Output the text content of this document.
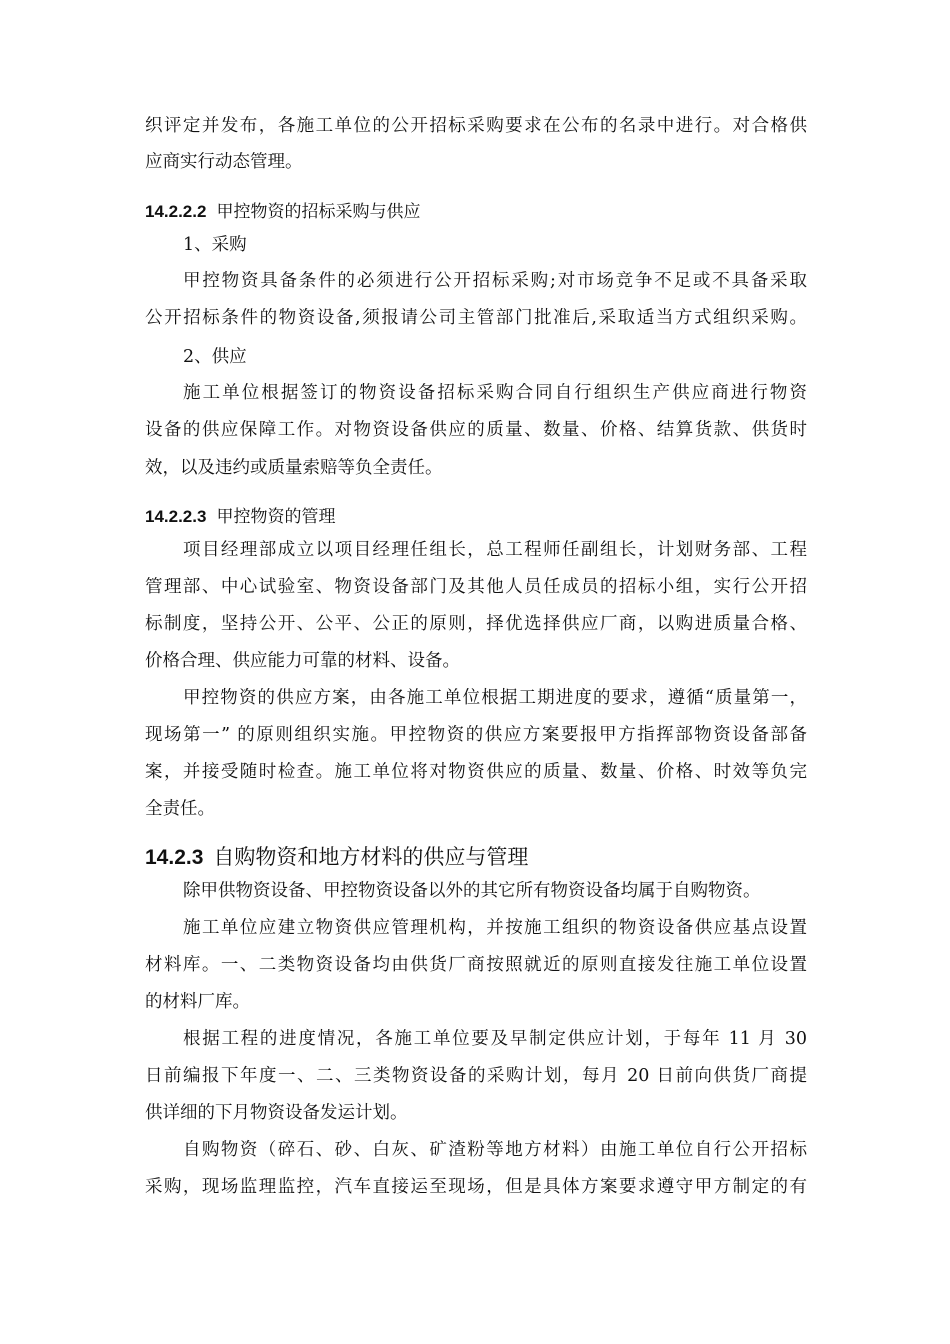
织评定并发布，各施工单位的公开招标采购要求在公布的名录中进行。对合格供

应商实行动态管理。

14.2.2.2 甲控物资的招标采购与供应

1、采购

甲控物资具备条件的必须进行公开招标采购;对市场竞争不足或不具备采取

公开招标条件的物资设备,须报请公司主管部门批准后,采取适当方式组织采购。

2、供应

施工单位根据签订的物资设备招标采购合同自行组织生产供应商进行物资

设备的供应保障工作。对物资设备供应的质量、数量、价格、结算货款、供货时

效，以及违约或质量索赔等负全责任。

14.2.2.3 甲控物资的管理

项目经理部成立以项目经理任组长，总工程师任副组长，计划财务部、工程

管理部、中心试验室、物资设备部门及其他人员任成员的招标小组，实行公开招

标制度，坚持公开、公平、公正的原则，择优选择供应厂商，以购进质量合格、

价格合理、供应能力可靠的材料、设备。

甲控物资的供应方案，由各施工单位根据工期进度的要求，遵循“质量第一，

现场第一” 的原则组织实施。甲控物资的供应方案要报甲方指挥部物资设备部备

案，并接受随时检查。施工单位将对物资供应的质量、数量、价格、时效等负完

全责任。

14.2.3 自购物资和地方材料的供应与管理

除甲供物资设备、甲控物资设备以外的其它所有物资设备均属于自购物资。

施工单位应建立物资供应管理机构，并按施工组织的物资设备供应基点设置

材料库。一、二类物资设备均由供货厂商按照就近的原则直接发往施工单位设置

的材料厂库。

根据工程的进度情况，各施工单位要及早制定供应计划，于每年 11 月 30

日前编报下年度一、二、三类物资设备的采购计划，每月 20 日前向供货厂商提

供详细的下月物资设备发运计划。

自购物资（碎石、砂、白灰、矿渣粉等地方材料）由施工单位自行公开招标

采购，现场监理监控，汽车直接运至现场，但是具体方案要求遵守甲方制定的有
